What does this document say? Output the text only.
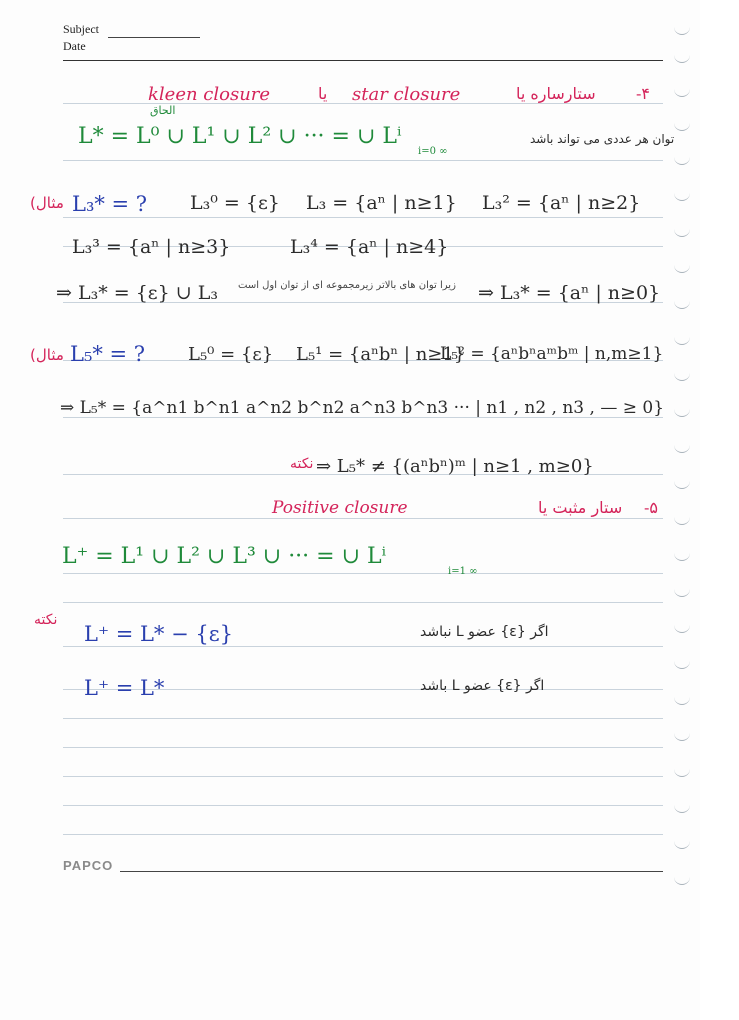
Subject
Date
kleen closure	یا star closure	ستار‌ساره یا	-۴
L* = L⁰ ∪ L¹ ∪ L² ∪ ··· = ∪ Lⁱ
i=0 ∞
الحاق
توان هر عددی می تواند باشد
مثال) L₃* = ? L₃⁰ = {ε} L₃ = {aⁿ | n≥1} L₃² = {aⁿ | n≥2}
L₃³ = {aⁿ | n≥3}	L₃⁴ = {aⁿ | n≥4}
⇒ L₃* = {ε} ∪ L₃ زیرا توان های بالاتر زیرمجموعه ای از توان اول است ⇒ L₃* = {aⁿ | n≥0}
مثال) L₅* = ? L₅⁰ = {ε} L₅¹ = {aⁿbⁿ | n≥1}
L₅² = {aⁿbⁿaᵐbᵐ | n,m≥1}
⇒ L₅* = {a^n1 b^n1 a^n2 b^n2 a^n3 b^n3 ··· | n1 , n2 , n3 , — ≥ 0}
نکته ⇒ L₅* ≠ {(aⁿbⁿ)ᵐ | n≥1 , m≥0}
Positive closure	ستار مثبت یا -۵
L⁺ = L¹ ∪ L² ∪ L³ ∪ ··· = ∪ Lⁱ
i=1 ∞
نکته
L⁺ = L* − {ε}	اگر {ε} عضو L نباشد
L⁺ = L*	اگر {ε} عضو L باشد
PAPCO
